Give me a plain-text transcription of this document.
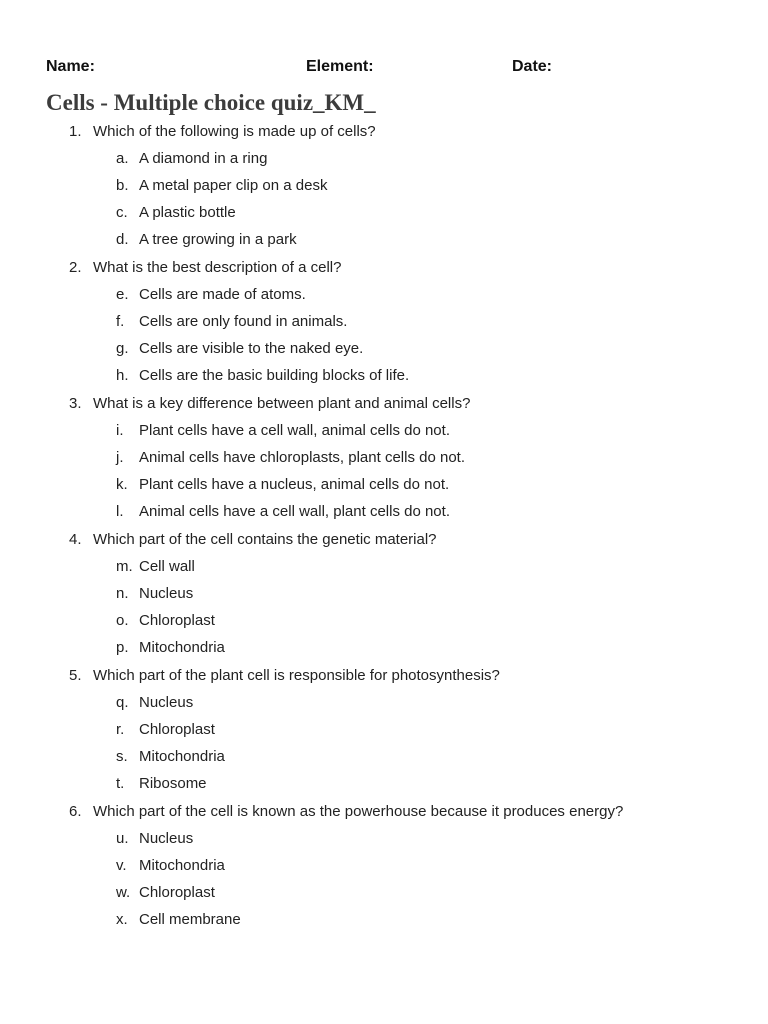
Name:	Element:	Date:
Cells - Multiple choice quiz_KM_
1. Which of the following is made up of cells?
a. A diamond in a ring
b. A metal paper clip on a desk
c. A plastic bottle
d. A tree growing in a park
2. What is the best description of a cell?
e. Cells are made of atoms.
f. Cells are only found in animals.
g. Cells are visible to the naked eye.
h. Cells are the basic building blocks of life.
3. What is a key difference between plant and animal cells?
i. Plant cells have a cell wall, animal cells do not.
j. Animal cells have chloroplasts, plant cells do not.
k. Plant cells have a nucleus, animal cells do not.
l. Animal cells have a cell wall, plant cells do not.
4. Which part of the cell contains the genetic material?
m. Cell wall
n. Nucleus
o. Chloroplast
p. Mitochondria
5. Which part of the plant cell is responsible for photosynthesis?
q. Nucleus
r. Chloroplast
s. Mitochondria
t. Ribosome
6. Which part of the cell is known as the powerhouse because it produces energy?
u. Nucleus
v. Mitochondria
w. Chloroplast
x. Cell membrane
